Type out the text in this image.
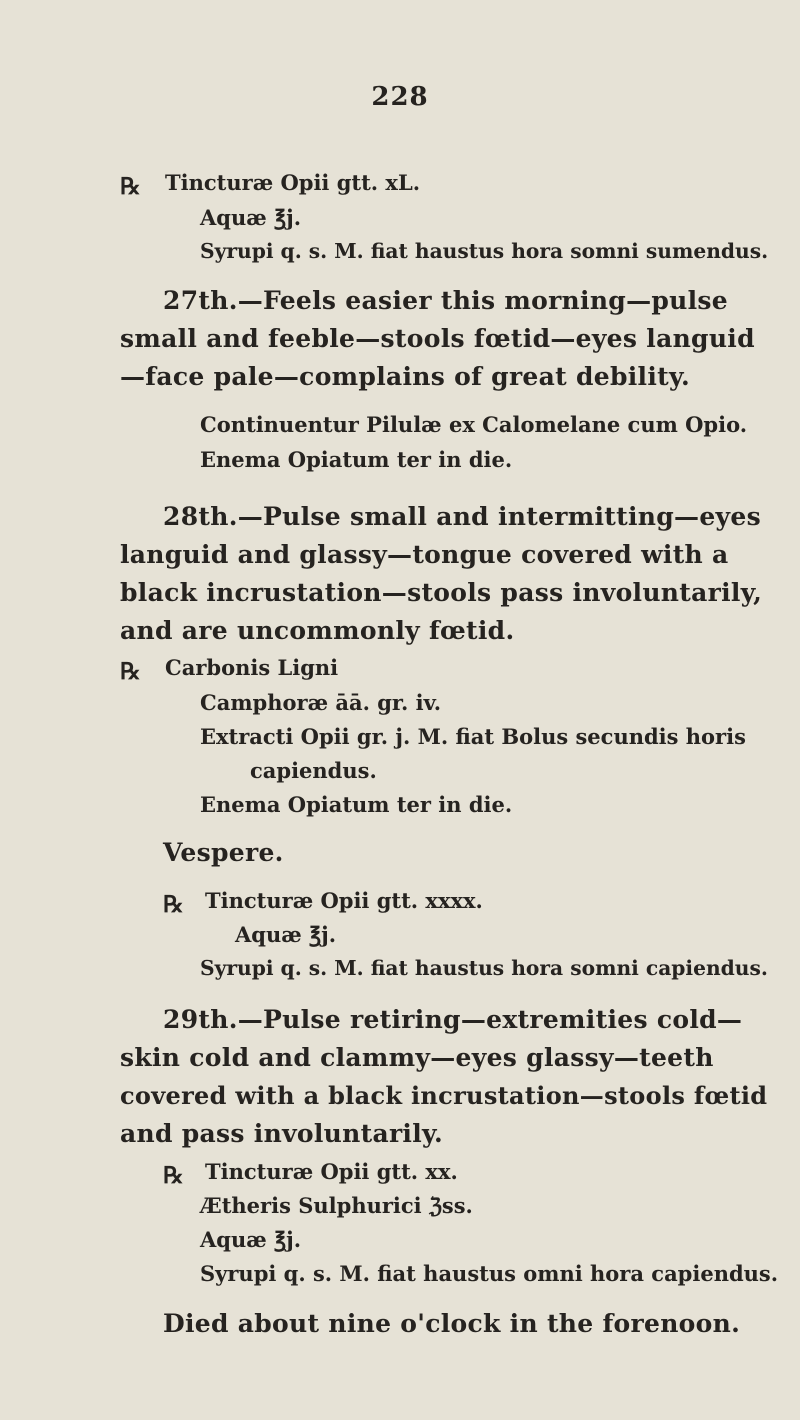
228
℞ Tincturæ Opii gtt. xL.
Aquæ ℥j.
Syrupi q. s. M. fiat haustus hora somni sumendus.
27th.—Feels easier this morning—pulse
small and feeble—stools fœtid—eyes languid
—face pale—complains of great debility.
Continuentur Pilulæ ex Calomelane cum Opio.
Enema Opiatum ter in die.
28th.—Pulse small and intermitting—eyes
languid and glassy—tongue covered with a
black incrustation—stools pass involuntarily,
and are uncommonly fœtid.
℞ Carbonis Ligni
Camphoræ āā. gr. iv.
Extracti Opii gr. j. M. fiat Bolus secundis horis
capiendus.
Enema Opiatum ter in die.
Vespere.
℞ Tincturæ Opii gtt. xxxx.
Aquæ ℥j.
Syrupi q. s. M. fiat haustus hora somni capiendus.
29th.—Pulse retiring—extremities cold—
skin cold and clammy—eyes glassy—teeth
covered with a black incrustation—stools fœtid
and pass involuntarily.
℞ Tincturæ Opii gtt. xx.
Ætheris Sulphurici ℨss.
Aquæ ℥j.
Syrupi q. s. M. fiat haustus omni hora capiendus.
Died about nine o'clock in the forenoon.
